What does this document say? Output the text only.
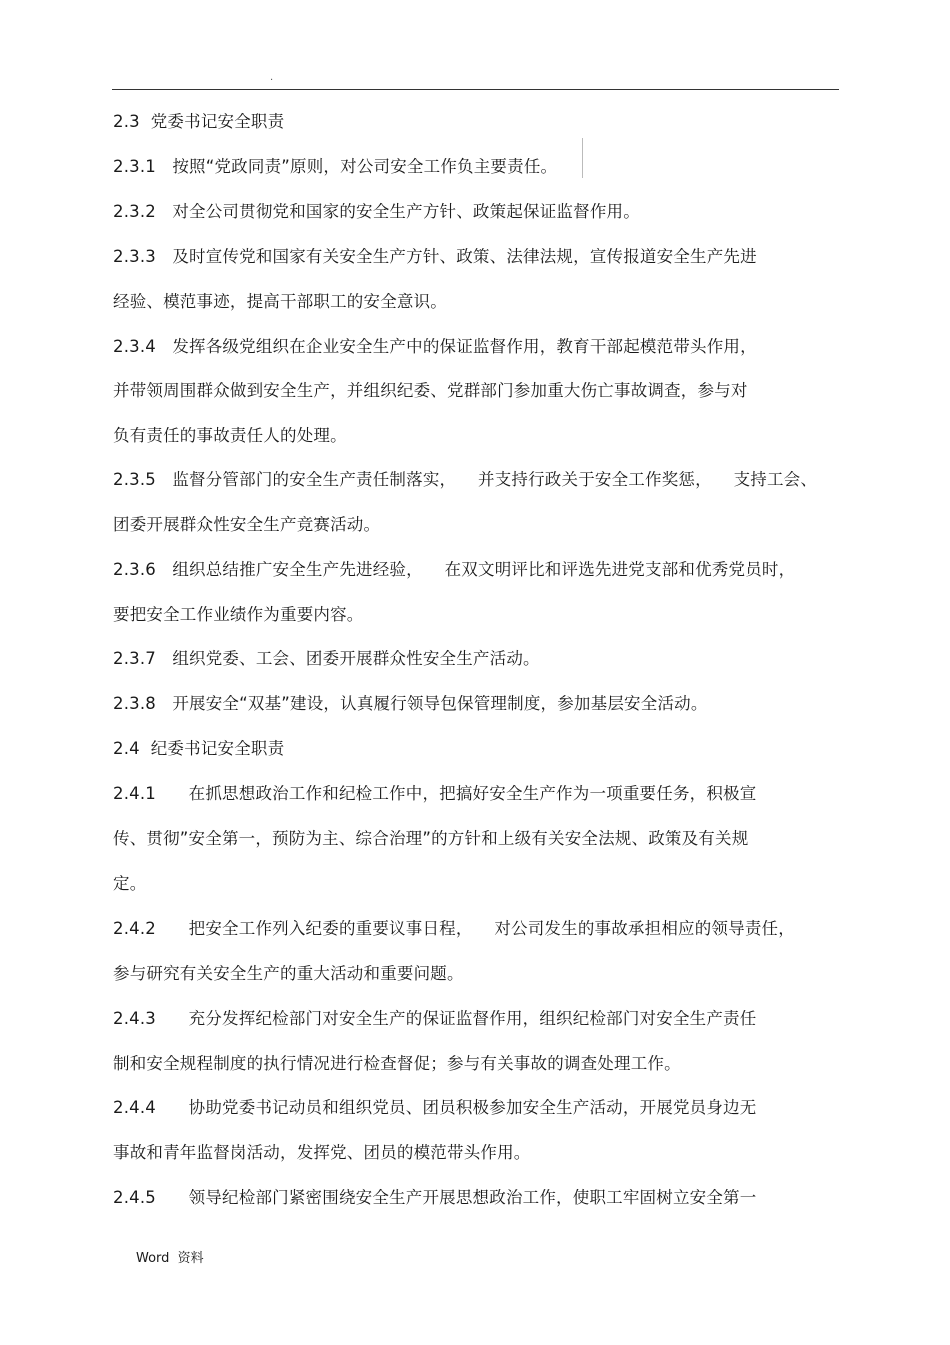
.
2.3  党委书记安全职责
2.3.1   按照“党政同责”原则，对公司安全工作负主要责任。
2.3.2   对全公司贯彻党和国家的安全生产方针、政策起保证监督作用。
2.3.3   及时宣传党和国家有关安全生产方针、政策、法律法规，宣传报道安全生产先进
经验、模范事迹，提高干部职工的安全意识。
2.3.4   发挥各级党组织在企业安全生产中的保证监督作用，教育干部起模范带头作用，
并带领周围群众做到安全生产，并组织纪委、党群部门参加重大伤亡事故调查，参与对
负有责任的事故责任人的处理。
2.3.5   监督分管部门的安全生产责任制落实，    并支持行政关于安全工作奖惩，    支持工会、
团委开展群众性安全生产竞赛活动。
2.3.6   组织总结推广安全生产先进经验，    在双文明评比和评选先进党支部和优秀党员时，
要把安全工作业绩作为重要内容。
2.3.7   组织党委、工会、团委开展群众性安全生产活动。
2.3.8   开展安全“双基”建设，认真履行领导包保管理制度，参加基层安全活动。
2.4  纪委书记安全职责
2.4.1      在抓思想政治工作和纪检工作中，把搞好安全生产作为一项重要任务，积极宣
传、贯彻”安全第一，预防为主、综合治理”的方针和上级有关安全法规、政策及有关规
定。
2.4.2      把安全工作列入纪委的重要议事日程，    对公司发生的事故承担相应的领导责任，
参与研究有关安全生产的重大活动和重要问题。
2.4.3      充分发挥纪检部门对安全生产的保证监督作用，组织纪检部门对安全生产责任
制和安全规程制度的执行情况进行检查督促；参与有关事故的调查处理工作。
2.4.4      协助党委书记动员和组织党员、团员积极参加安全生产活动，开展党员身边无
事故和青年监督岗活动，发挥党、团员的模范带头作用。
2.4.5      领导纪检部门紧密围绕安全生产开展思想政治工作，使职工牢固树立安全第一
Word  资料
